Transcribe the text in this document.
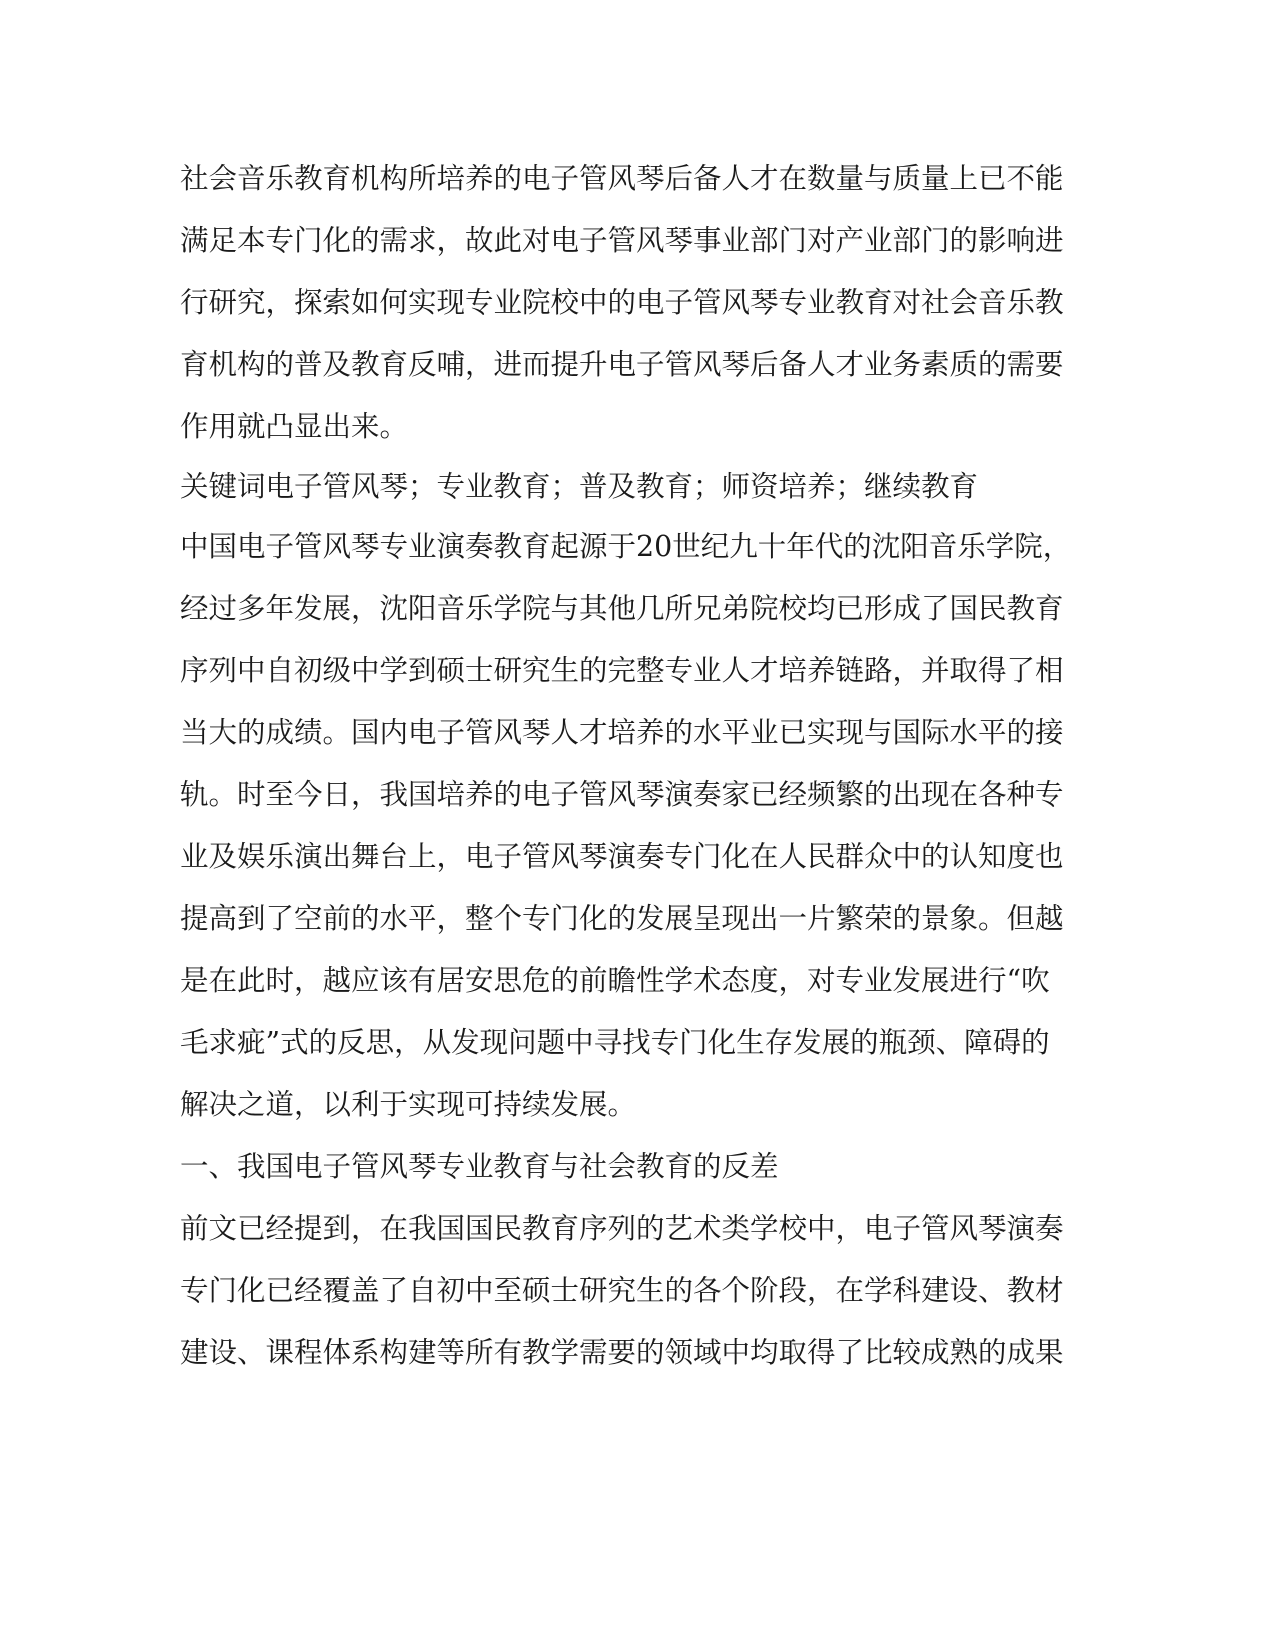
社会音乐教育机构所培养的电子管风琴后备人才在数量与质量上已不能
满足本专门化的需求，故此对电子管风琴事业部门对产业部门的影响进
行研究，探索如何实现专业院校中的电子管风琴专业教育对社会音乐教
育机构的普及教育反哺，进而提升电子管风琴后备人才业务素质的需要
作用就凸显出来。
关键词电子管风琴；专业教育；普及教育；师资培养；继续教育
中国电子管风琴专业演奏教育起源于20世纪九十年代的沈阳音乐学院，
经过多年发展，沈阳音乐学院与其他几所兄弟院校均已形成了国民教育
序列中自初级中学到硕士研究生的完整专业人才培养链路，并取得了相
当大的成绩。国内电子管风琴人才培养的水平业已实现与国际水平的接
轨。时至今日，我国培养的电子管风琴演奏家已经频繁的出现在各种专
业及娱乐演出舞台上，电子管风琴演奏专门化在人民群众中的认知度也
提高到了空前的水平，整个专门化的发展呈现出一片繁荣的景象。但越
是在此时，越应该有居安思危的前瞻性学术态度，对专业发展进行“吹
毛求疵”式的反思，从发现问题中寻找专门化生存发展的瓶颈、障碍的
解决之道，以利于实现可持续发展。
一、我国电子管风琴专业教育与社会教育的反差
前文已经提到，在我国国民教育序列的艺术类学校中，电子管风琴演奏
专门化已经覆盖了自初中至硕士研究生的各个阶段，在学科建设、教材
建设、课程体系构建等所有教学需要的领域中均取得了比较成熟的成果
